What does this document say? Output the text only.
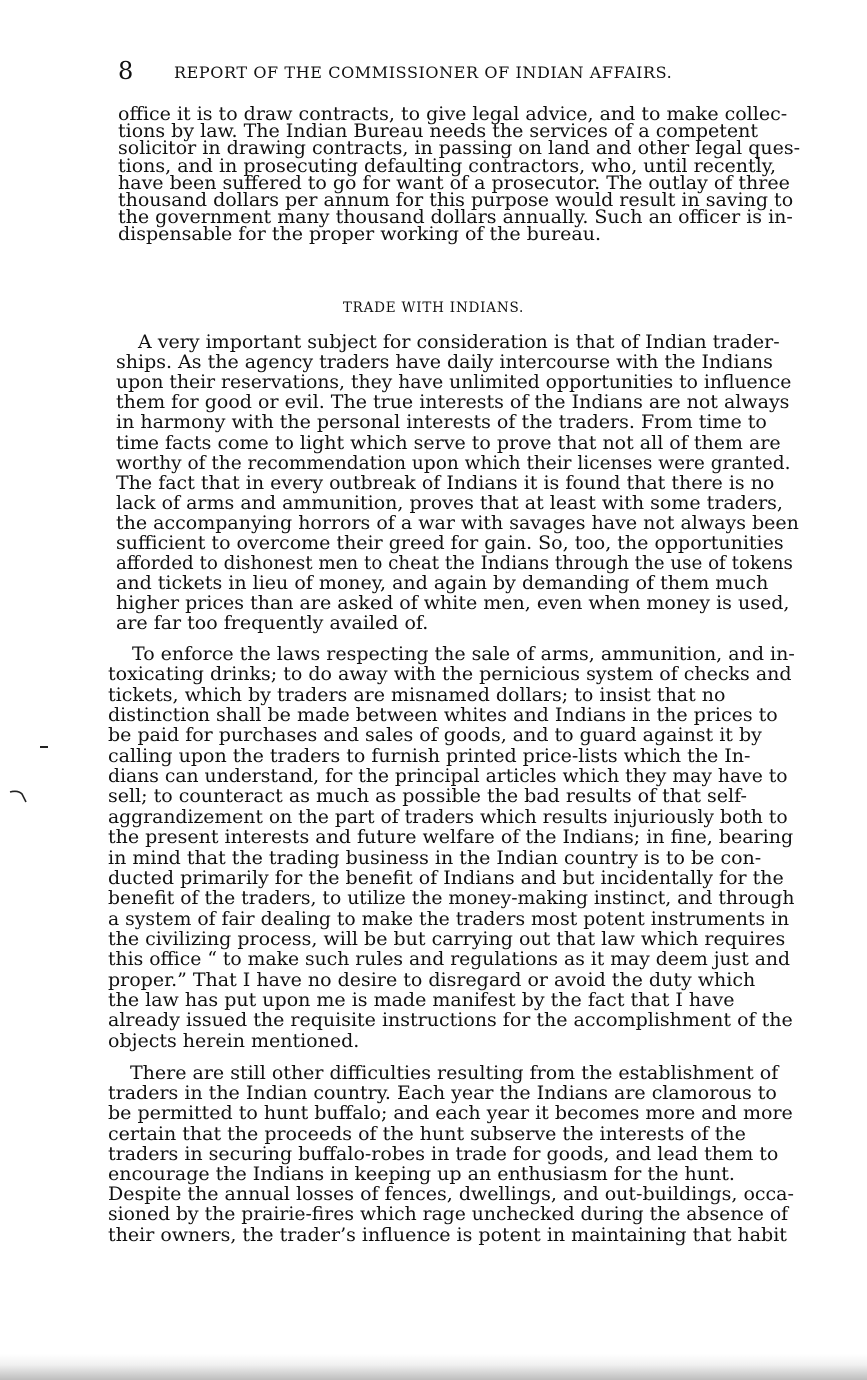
8	REPORT OF THE COMMISSIONER OF INDIAN AFFAIRS.
office it is to draw contracts, to give legal advice, and to make collec-
tions by law. The Indian Bureau needs the services of a competent
solicitor in drawing contracts, in passing on land and other legal ques-
tions, and in prosecuting defaulting contractors, who, until recently,
have been suffered to go for want of a prosecutor. The outlay of three
thousand dollars per annum for this purpose would result in saving to
the government many thousand dollars annually. Such an officer is in-
dispensable for the proper working of the bureau.
TRADE WITH INDIANS.
A very important subject for consideration is that of Indian trader-
ships. As the agency traders have daily intercourse with the Indians
upon their reservations, they have unlimited opportunities to influence
them for good or evil. The true interests of the Indians are not always
in harmony with the personal interests of the traders. From time to
time facts come to light which serve to prove that not all of them are
worthy of the recommendation upon which their licenses were granted.
The fact that in every outbreak of Indians it is found that there is no
lack of arms and ammunition, proves that at least with some traders,
the accompanying horrors of a war with savages have not always been
sufficient to overcome their greed for gain. So, too, the opportunities
afforded to dishonest men to cheat the Indians through the use of tokens
and tickets in lieu of money, and again by demanding of them much
higher prices than are asked of white men, even when money is used,
are far too frequently availed of.
To enforce the laws respecting the sale of arms, ammunition, and in-
toxicating drinks; to do away with the pernicious system of checks and
tickets, which by traders are misnamed dollars; to insist that no
distinction shall be made between whites and Indians in the prices to
be paid for purchases and sales of goods, and to guard against it by
calling upon the traders to furnish printed price-lists which the In-
dians can understand, for the principal articles which they may have to
sell; to counteract as much as possible the bad results of that self-
aggrandizement on the part of traders which results injuriously both to
the present interests and future welfare of the Indians; in fine, bearing
in mind that the trading business in the Indian country is to be con-
ducted primarily for the benefit of Indians and but incidentally for the
benefit of the traders, to utilize the money-making instinct, and through
a system of fair dealing to make the traders most potent instruments in
the civilizing process, will be but carrying out that law which requires
this office “ to make such rules and regulations as it may deem just and
proper.” That I have no desire to disregard or avoid the duty which
the law has put upon me is made manifest by the fact that I have
already issued the requisite instructions for the accomplishment of the
objects herein mentioned.
There are still other difficulties resulting from the establishment of
traders in the Indian country. Each year the Indians are clamorous to
be permitted to hunt buffalo; and each year it becomes more and more
certain that the proceeds of the hunt subserve the interests of the
traders in securing buffalo-robes in trade for goods, and lead them to
encourage the Indians in keeping up an enthusiasm for the hunt.
Despite the annual losses of fences, dwellings, and out-buildings, occa-
sioned by the prairie-fires which rage unchecked during the absence of
their owners, the trader’s influence is potent in maintaining that habit
